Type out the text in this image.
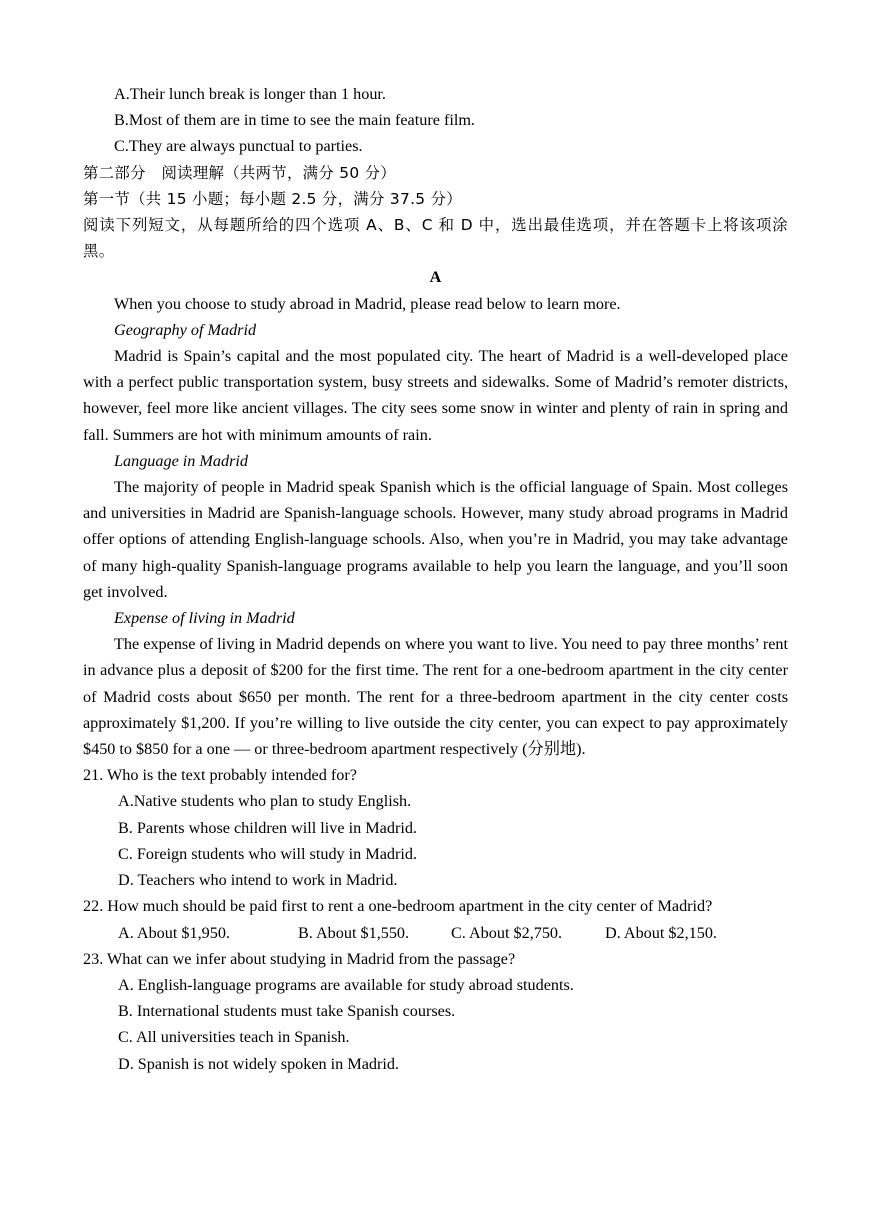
A.Their lunch break is longer than 1 hour.

B.Most of them are in time to see the main feature film.

C.They are always punctual to parties.

第二部分　阅读理解（共两节，满分 50 分）

第一节（共 15 小题；每小题 2.5 分，满分 37.5 分）

阅读下列短文，从每题所给的四个选项 A、B、C 和 D 中，选出最佳选项，并在答题卡上将该项涂黑。

A

When you choose to study abroad in Madrid, please read below to learn more.

Geography of Madrid

Madrid is Spain’s capital and the most populated city. The heart of Madrid is a well-developed place with a perfect public transportation system, busy streets and sidewalks. Some of Madrid’s remoter districts, however, feel more like ancient villages. The city sees some snow in winter and plenty of rain in spring and fall. Summers are hot with minimum amounts of rain.

Language in Madrid

The majority of people in Madrid speak Spanish which is the official language of Spain. Most colleges and universities in Madrid are Spanish-language schools. However, many study abroad programs in Madrid offer options of attending English-language schools. Also, when you’re in Madrid, you may take advantage of many high-quality Spanish-language programs available to help you learn the language, and you’ll soon get involved.

Expense of living in Madrid

The expense of living in Madrid depends on where you want to live. You need to pay three months’ rent in advance plus a deposit of $200 for the first time. The rent for a one-bedroom apartment in the city center of Madrid costs about $650 per month. The rent for a three-bedroom apartment in the city center costs approximately $1,200. If you’re willing to live outside the city center, you can expect to pay approximately $450 to $850 for a one — or three-bedroom apartment respectively (分别地).

21. Who is the text probably intended for?

A.Native students who plan to study English.

B. Parents whose children will live in Madrid.

C. Foreign students who will study in Madrid.

D. Teachers who intend to work in Madrid.

22. How much should be paid first to rent a one-bedroom apartment in the city center of Madrid?

A. About $1,950.	B. About $1,550.	C. About $2,750.	D. About $2,150.

23. What can we infer about studying in Madrid from the passage?

A. English-language programs are available for study abroad students.

B. International students must take Spanish courses.

C. All universities teach in Spanish.

D. Spanish is not widely spoken in Madrid.
